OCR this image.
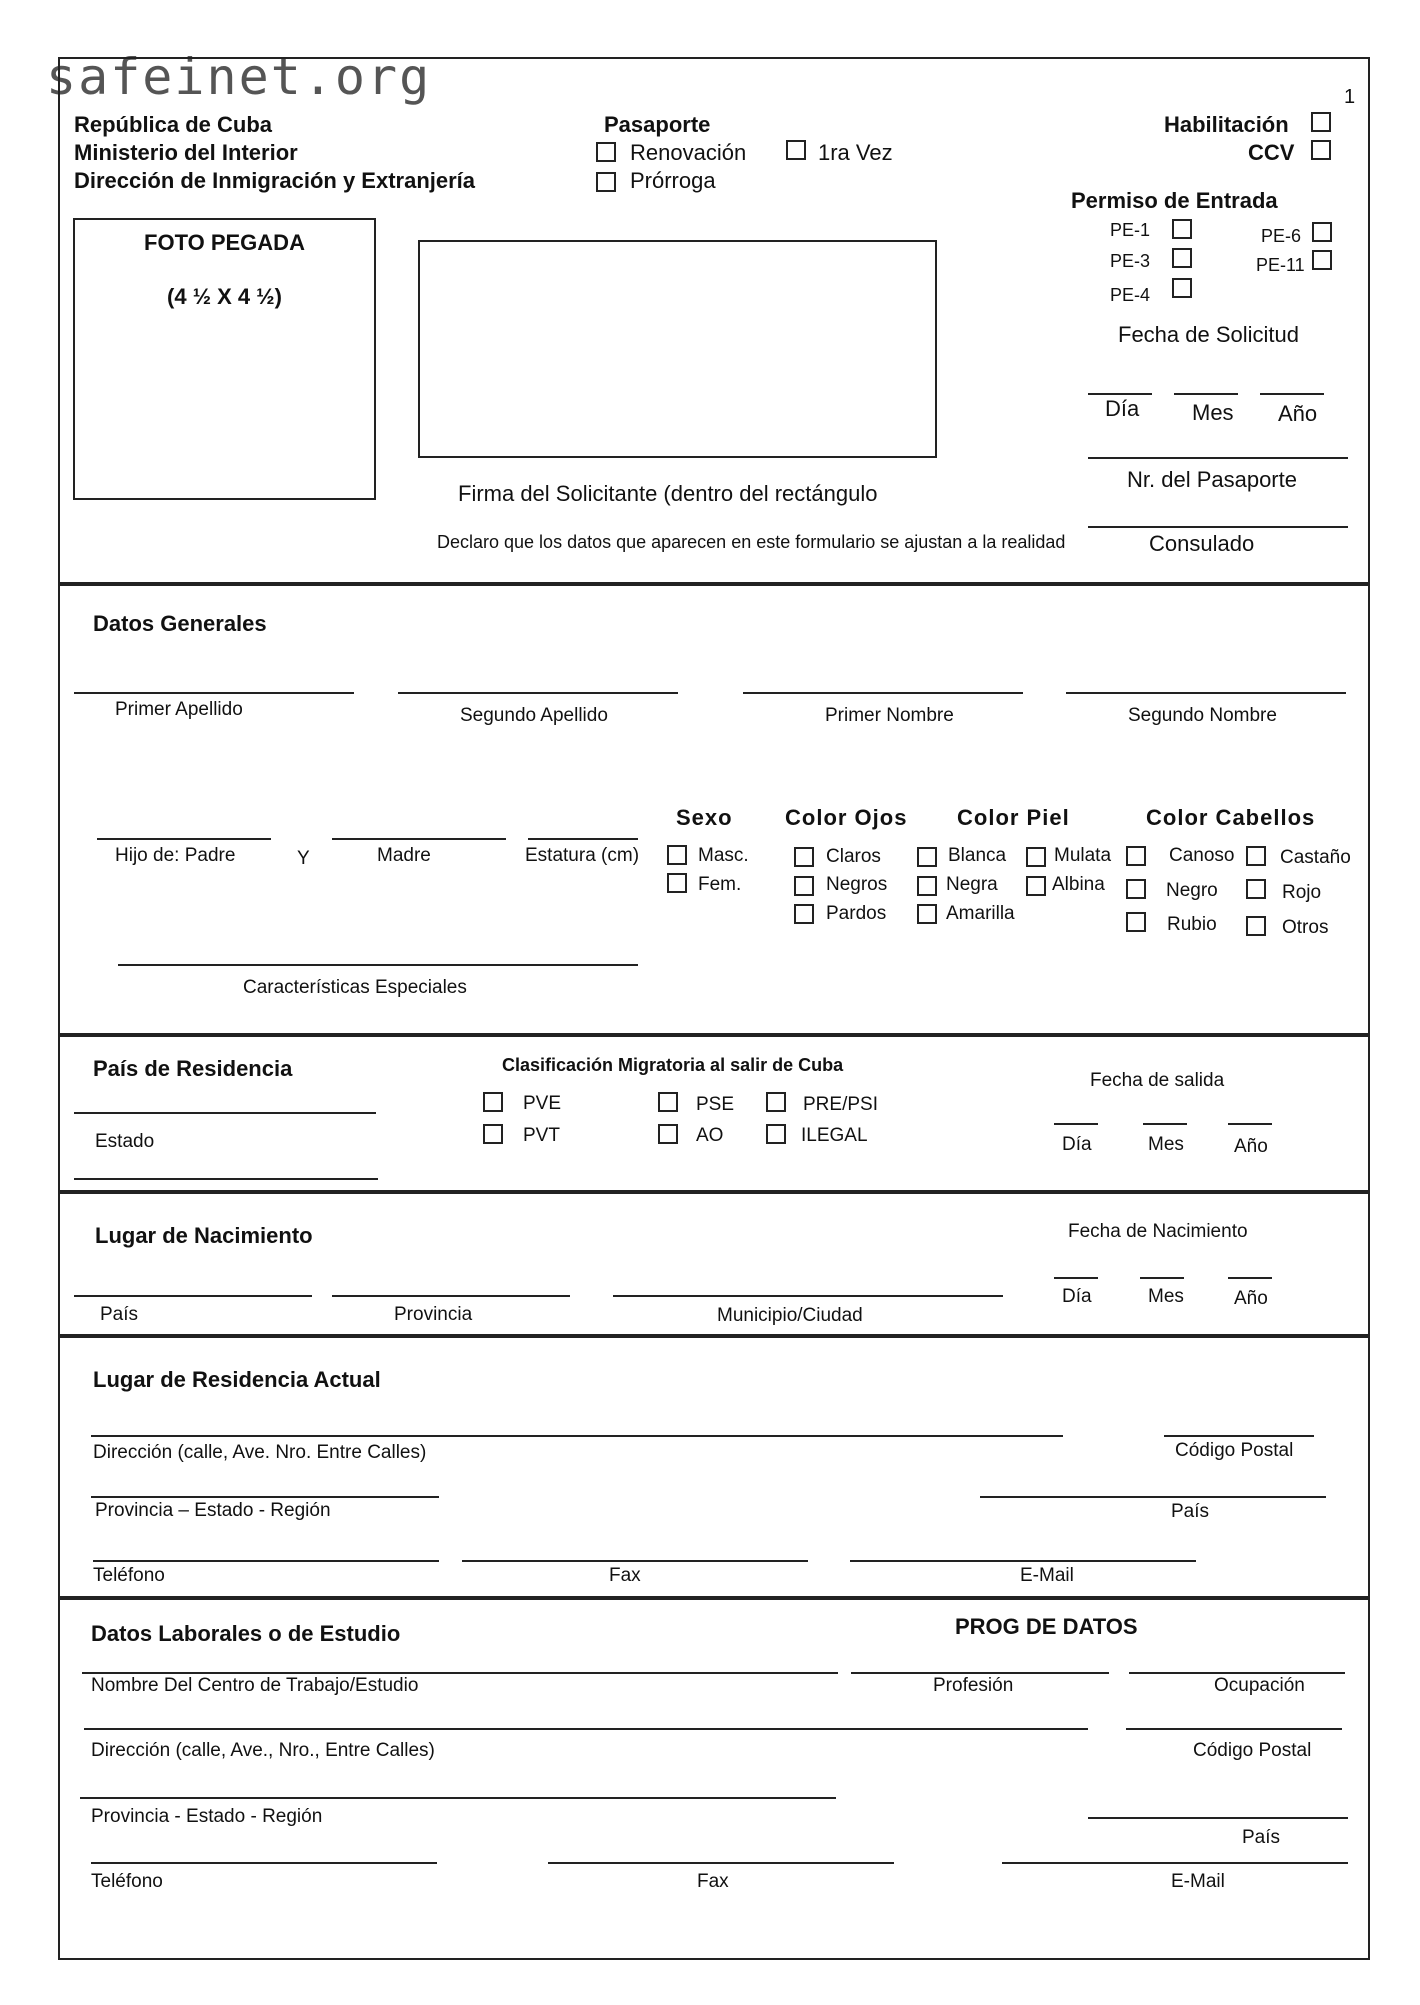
safeinet.org	1
República de Cuba
Ministerio del Interior
Dirección de Inmigración y Extranjería
Pasaporte
Renovación	1ra Vez
Prórroga
Habilitación
CCV
Permiso de Entrada
PE-1
PE-3
PE-4
PE-6
PE-11
FOTO PEGADA
(4 ½ X 4 ½)
Firma del Solicitante (dentro del rectángulo
Declaro que los datos que aparecen en este formulario se ajustan a la realidad
Fecha de Solicitud
Día Mes Año
Nr. del Pasaporte
Consulado
Datos Generales
Primer Apellido	Segundo Apellido	Primer Nombre	Segundo Nombre
Hijo de: Padre	Y	Madre	Estatura (cm)
Sexo
Masc.
Fem.
Color Ojos
Claros
Negros
Pardos
Color Piel
Blanca	Mulata
Negra	Albina
Amarilla
Color Cabellos
Canoso Castaño
Negro	Rojo
Rubio	Otros
Características Especiales
País de Residencia
Estado
Clasificación Migratoria al salir de Cuba
PVE
PVT
PSE
AO
PRE/PSI
ILEGAL
Fecha de salida
Día	Mes	Año
Lugar de Nacimiento
País	Provincia	Municipio/Ciudad
Fecha de Nacimiento
Día	Mes	Año
Lugar de Residencia Actual
Dirección (calle, Ave. Nro. Entre Calles)	Código Postal
Provincia – Estado - Región	País
Teléfono	Fax	E-Mail
Datos Laborales o de Estudio	PROG DE DATOS
Nombre Del Centro de Trabajo/Estudio	Profesión	Ocupación
Dirección (calle, Ave., Nro., Entre Calles)	Código Postal
Provincia - Estado - Región
País
Teléfono	Fax	E-Mail
